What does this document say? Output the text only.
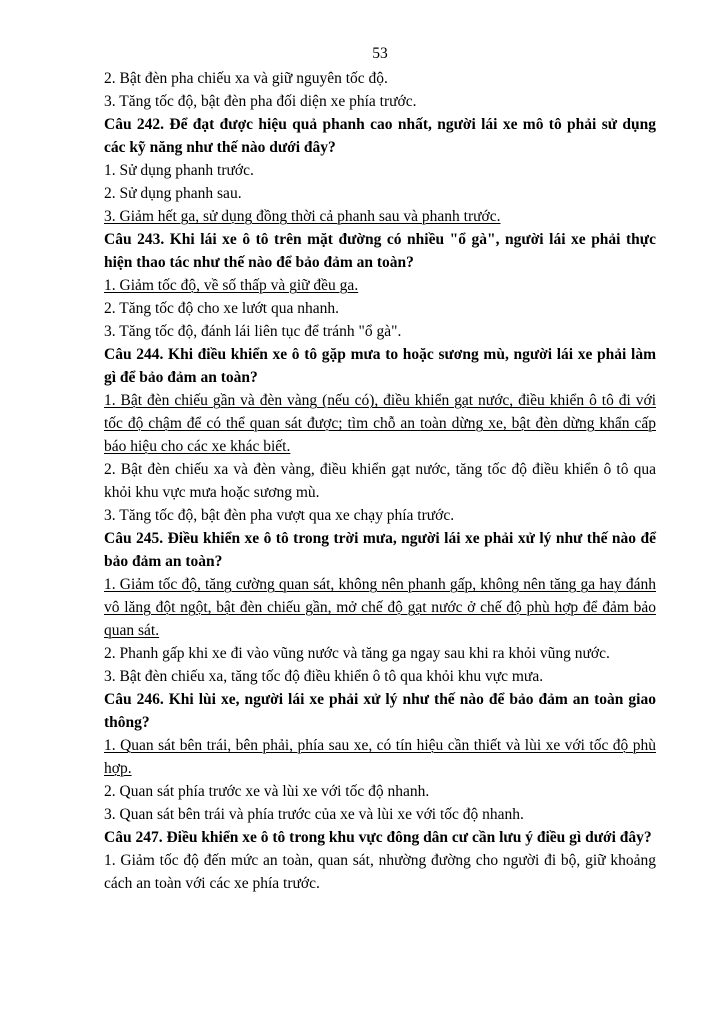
53

2. Bật đèn pha chiếu xa và giữ nguyên tốc độ.

3. Tăng tốc độ, bật đèn pha đối diện xe phía trước.

Câu 242. Để đạt được hiệu quả phanh cao nhất, người lái xe mô tô phải sử dụng các kỹ năng như thế nào dưới đây?

1. Sử dụng phanh trước.

2. Sử dụng phanh sau.

3. Giảm hết ga, sử dụng đồng thời cả phanh sau và phanh trước.

Câu 243. Khi lái xe ô tô trên mặt đường có nhiều "ổ gà", người lái xe phải thực hiện thao tác như thế nào để bảo đảm an toàn?

1. Giảm tốc độ, về số thấp và giữ đều ga.

2. Tăng tốc độ cho xe lướt qua nhanh.

3. Tăng tốc độ, đánh lái liên tục để tránh "ổ gà".

Câu 244. Khi điều khiển xe ô tô gặp mưa to hoặc sương mù, người lái xe phải làm gì để bảo đảm an toàn?

1. Bật đèn chiếu gần và đèn vàng (nếu có), điều khiển gạt nước, điều khiển ô tô đi với tốc độ chậm để có thể quan sát được; tìm chỗ an toàn dừng xe, bật đèn dừng khẩn cấp báo hiệu cho các xe khác biết.

2. Bật đèn chiếu xa và đèn vàng, điều khiển gạt nước, tăng tốc độ điều khiển ô tô qua khỏi khu vực mưa hoặc sương mù.

3. Tăng tốc độ, bật đèn pha vượt qua xe chạy phía trước.

Câu 245. Điều khiển xe ô tô trong trời mưa, người lái xe phải xử lý như thế nào để bảo đảm an toàn?

1. Giảm tốc độ, tăng cường quan sát, không nên phanh gấp, không nên tăng ga hay đánh vô lăng đột ngột, bật đèn chiếu gần, mở chế độ gạt nước ở chế độ phù hợp để đảm bảo quan sát.

2. Phanh gấp khi xe đi vào vũng nước và tăng ga ngay sau khi ra khỏi vũng nước.

3. Bật đèn chiếu xa, tăng tốc độ điều khiển ô tô qua khỏi khu vực mưa.

Câu 246. Khi lùi xe, người lái xe phải xử lý như thế nào để bảo đảm an toàn giao thông?

1. Quan sát bên trái, bên phải, phía sau xe, có tín hiệu cần thiết và lùi xe với tốc độ phù hợp.

2. Quan sát phía trước xe và lùi xe với tốc độ nhanh.

3. Quan sát bên trái và phía trước của xe và lùi xe với tốc độ nhanh.

Câu 247. Điều khiển xe ô tô trong khu vực đông dân cư cần lưu ý điều gì dưới đây?

1. Giảm tốc độ đến mức an toàn, quan sát, nhường đường cho người đi bộ, giữ khoảng cách an toàn với các xe phía trước.
